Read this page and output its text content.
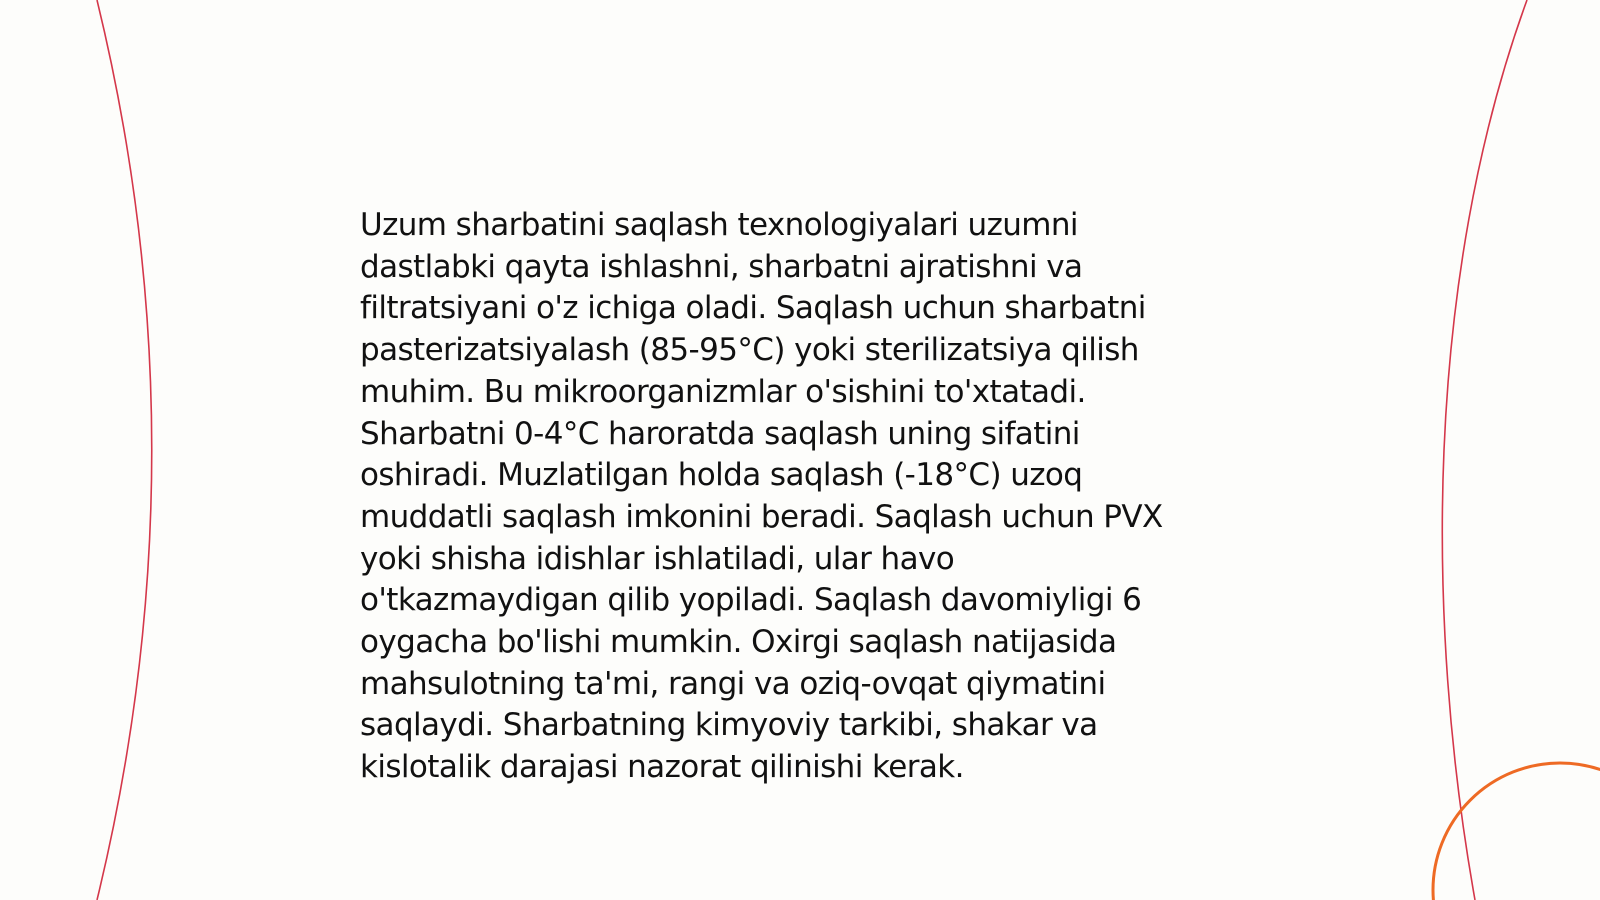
Uzum sharbatini saqlash texnologiyalari uzumni
dastlabki qayta ishlashni, sharbatni ajratishni va
filtratsiyani o'z ichiga oladi. Saqlash uchun sharbatni
pasterizatsiyalash (85-95°C) yoki sterilizatsiya qilish
muhim. Bu mikroorganizmlar o'sishini to'xtatadi.
Sharbatni 0-4°C haroratda saqlash uning sifatini
oshiradi. Muzlatilgan holda saqlash (-18°C) uzoq
muddatli saqlash imkonini beradi. Saqlash uchun PVX
yoki shisha idishlar ishlatiladi, ular havo
o'tkazmaydigan qilib yopiladi. Saqlash davomiyligi 6
oygacha bo'lishi mumkin. Oxirgi saqlash natijasida
mahsulotning ta'mi, rangi va oziq-ovqat qiymatini
saqlaydi. Sharbatning kimyoviy tarkibi, shakar va
kislotalik darajasi nazorat qilinishi kerak.
